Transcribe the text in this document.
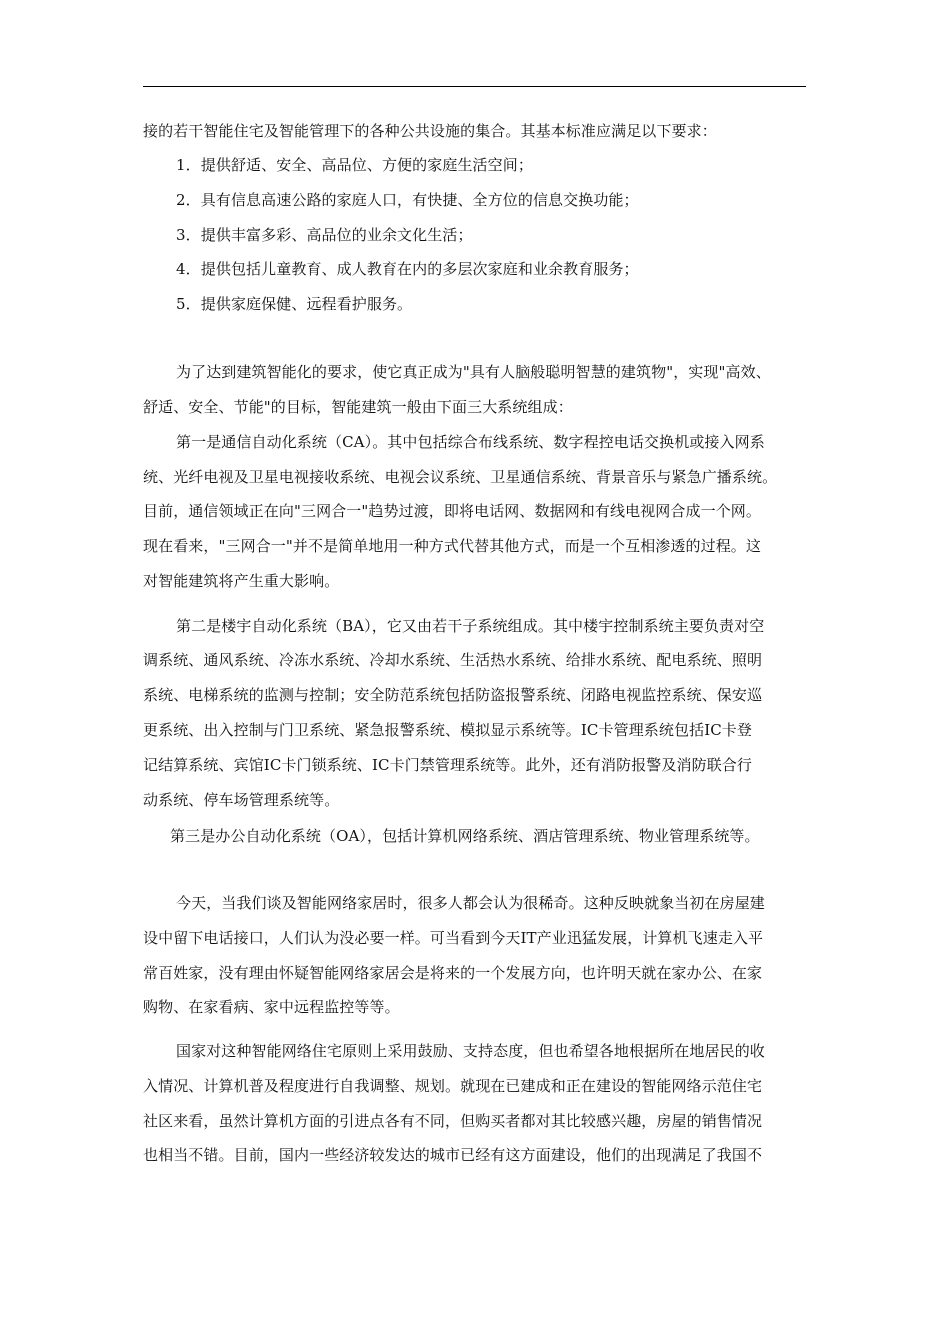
接的若干智能住宅及智能管理下的各种公共设施的集合。其基本标准应满足以下要求：
1．提供舒适、安全、高品位、方便的家庭生活空间；
2．具有信息高速公路的家庭人口，有快捷、全方位的信息交换功能；
3．提供丰富多彩、高品位的业余文化生活；
4．提供包括儿童教育、成人教育在内的多层次家庭和业余教育服务；
5．提供家庭保健、远程看护服务。
为了达到建筑智能化的要求，使它真正成为"具有人脑般聪明智慧的建筑物"，实现"高效、
舒适、安全、节能"的目标，智能建筑一般由下面三大系统组成：
第一是通信自动化系统（CA）。其中包括综合布线系统、数字程控电话交换机或接入网系
统、光纤电视及卫星电视接收系统、电视会议系统、卫星通信系统、背景音乐与紧急广播系统。
目前，通信领域正在向"三网合一"趋势过渡，即将电话网、数据网和有线电视网合成一个网。
现在看来，"三网合一"并不是简单地用一种方式代替其他方式，而是一个互相渗透的过程。这
对智能建筑将产生重大影响。
第二是楼宇自动化系统（BA），它又由若干子系统组成。其中楼宇控制系统主要负责对空
调系统、通风系统、冷冻水系统、冷却水系统、生活热水系统、给排水系统、配电系统、照明
系统、电梯系统的监测与控制；安全防范系统包括防盗报警系统、闭路电视监控系统、保安巡
更系统、出入控制与门卫系统、紧急报警系统、模拟显示系统等。IC卡管理系统包括IC卡登
记结算系统、宾馆IC卡门锁系统、IC卡门禁管理系统等。此外，还有消防报警及消防联合行
动系统、停车场管理系统等。
第三是办公自动化系统（OA），包括计算机网络系统、酒店管理系统、物业管理系统等。
今天，当我们谈及智能网络家居时，很多人都会认为很稀奇。这种反映就象当初在房屋建
设中留下电话接口，人们认为没必要一样。可当看到今天IT产业迅猛发展，计算机飞速走入平
常百姓家，没有理由怀疑智能网络家居会是将来的一个发展方向，也许明天就在家办公、在家
购物、在家看病、家中远程监控等等。
国家对这种智能网络住宅原则上采用鼓励、支持态度，但也希望各地根据所在地居民的收
入情况、计算机普及程度进行自我调整、规划。就现在已建成和正在建设的智能网络示范住宅
社区来看，虽然计算机方面的引进点各有不同，但购买者都对其比较感兴趣，房屋的销售情况
也相当不错。目前，国内一些经济较发达的城市已经有这方面建设，他们的出现满足了我国不
